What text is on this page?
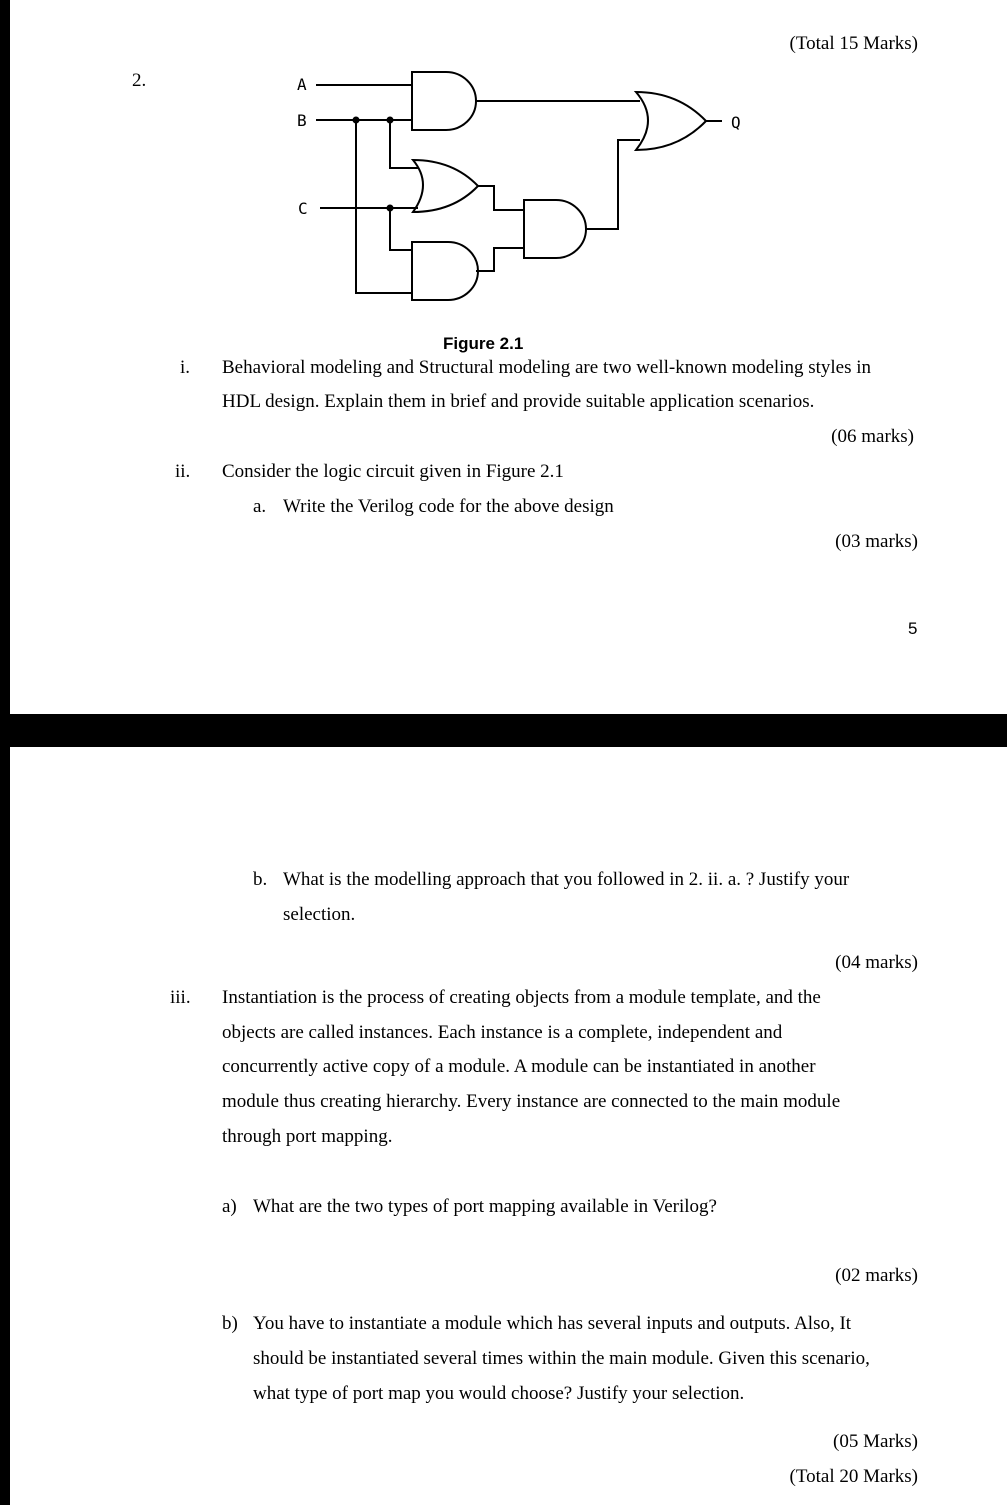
2.
(Total 15 Marks)
A
B
C
Q
Figure 2.1
i. Behavioral modeling and Structural modeling are two well-known modeling styles in
HDL design. Explain them in brief and provide suitable application scenarios.
(06 marks)
ii. Consider the logic circuit given in Figure 2.1
a. Write the Verilog code for the above design
(03 marks)
5
b. What is the modelling approach that you followed in 2. ii. a. ? Justify your
selection.
(04 marks)
iii. Instantiation is the process of creating objects from a module template, and the
objects are called instances. Each instance is a complete, independent and
concurrently active copy of a module. A module can be instantiated in another
module thus creating hierarchy. Every instance are connected to the main module
through port mapping.
a) What are the two types of port mapping available in Verilog?
(02 marks)
b) You have to instantiate a module which has several inputs and outputs. Also, It
should be instantiated several times within the main module. Given this scenario,
what type of port map you would choose? Justify your selection.
(05 Marks)
(Total 20 Marks)
